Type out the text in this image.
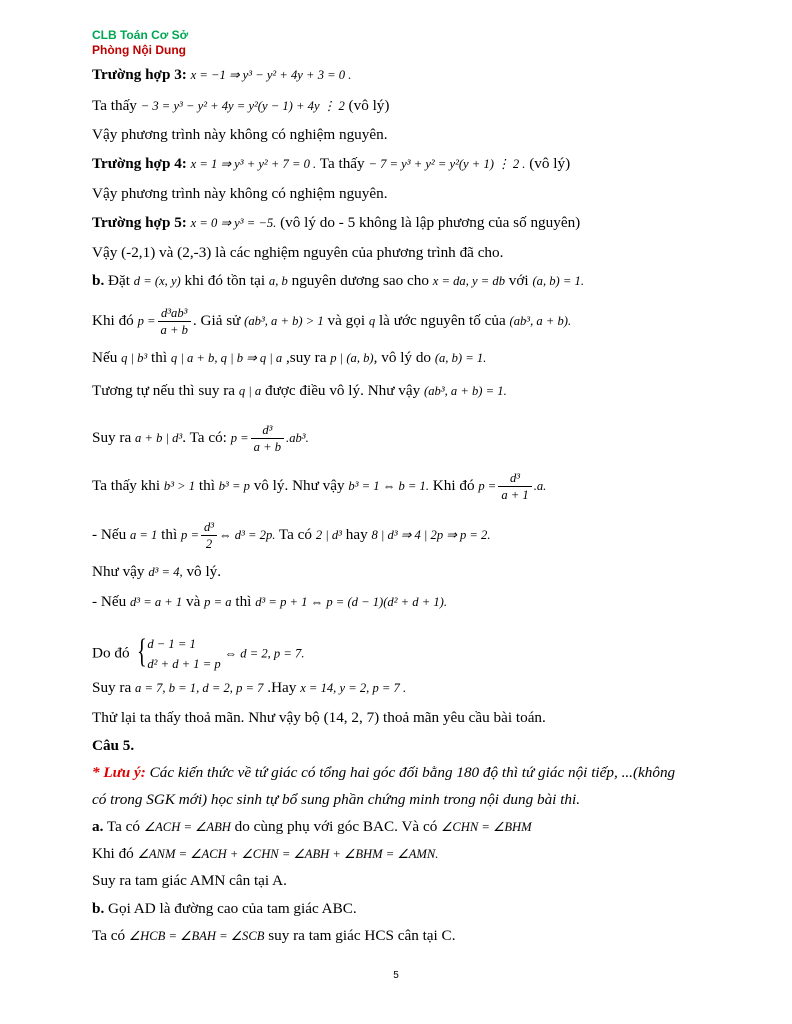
CLB Toán Cơ Sở
Phòng Nội Dung
Trường hợp 3: x = −1 ⇒ y³ − y² + 4y + 3 = 0 .
Ta thấy − 3 = y³ − y² + 4y = y²(y − 1) + 4y ⋮ 2 (vô lý)
Vậy phương trình này không có nghiệm nguyên.
Trường hợp 4: x = 1 ⇒ y³ + y² + 7 = 0 . Ta thấy − 7 = y³ + y² = y²(y + 1) ⋮ 2 . (vô lý)
Vậy phương trình này không có nghiệm nguyên.
Trường hợp 5: x = 0 ⇒ y³ = −5. (vô lý do - 5 không là lập phương của số nguyên)
Vậy (-2,1) và (2,-3) là các nghiệm nguyên của phương trình đã cho.
b. Đặt d = (x, y) khi đó tồn tại a, b nguyên dương sao cho x = da, y = db với (a, b) = 1.
Khi đó $p = \frac{\text{d³ab³}}{a + b}$ . Giả sử (ab³, a + b) > 1 và gọi q là ước nguyên tố của (ab³, a + b).
Nếu q | b³ thì q | a + b, q | b ⇒ q | a ,suy ra p | (a, b), vô lý do (a, b) = 1.
Tương tự nếu thì suy ra q | a được điều vô lý. Như vậy (ab³, a + b) = 1.
Suy ra a + b | d³. Ta có: $p = \frac{\text{d³}}{a + b} .ab^3$.
Ta thấy khi b³ > 1 thì b³ = p vô lý. Như vậy b³ = 1 ⇔ b = 1. Khi đó $p = \frac{\text{d³}}{a + 1} .a$.
- Nếu a = 1 thì $p = \frac{\text{d³}}{2}$ ⇔ d³ = 2p. Ta có 2 | d³ hay 8 | d³ ⇒ 4 | 2p ⇒ p = 2.
Như vậy d³ = 4, vô lý.
- Nếu d³ = a + 1 và p = a thì d³ = p + 1 ⇔ p = (d − 1)(d² + d + 1).
Do đó { d − 1 = 1
d² + d + 1 = p
⇔ d = 2, p = 7.
Suy ra a = 7, b = 1, d = 2, p = 7 .Hay x = 14, y = 2, p = 7 .
Thử lại ta thấy thoả mãn. Như vậy bộ (14, 2, 7) thoả mãn yêu cầu bài toán.
Câu 5.
* Lưu ý: Các kiến thức về tứ giác có tổng hai góc đối bằng 180 độ thì tứ giác nội tiếp, ...(không
có trong SGK mới) học sinh tự bổ sung phần chứng minh trong nội dung bài thi.
a. Ta có ∠ACH = ∠ABH do cùng phụ với góc BAC. Và có ∠CHN = ∠BHM
Khi đó ∠ANM = ∠ACH + ∠CHN = ∠ABH + ∠BHM = ∠AMN.
Suy ra tam giác AMN cân tại A.
b. Gọi AD là đường cao của tam giác ABC.
Ta có ∠HCB = ∠BAH = ∠SCB suy ra tam giác HCS cân tại C.
5
